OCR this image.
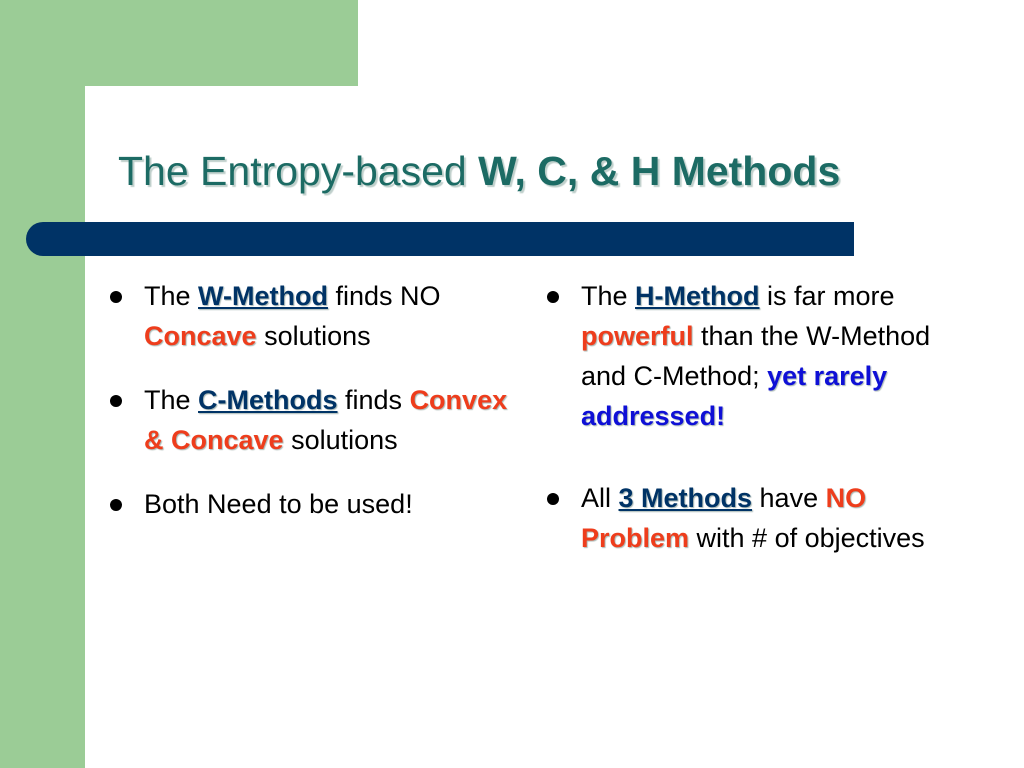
The Entropy-based W, C, & H Methods
The W-Method finds NO Concave solutions
The C-Methods finds Convex & Concave solutions
Both Need to be used!
The H-Method is far more powerful than the W-Method and C-Method; yet rarely addressed!
All 3 Methods have NO Problem with # of objectives
